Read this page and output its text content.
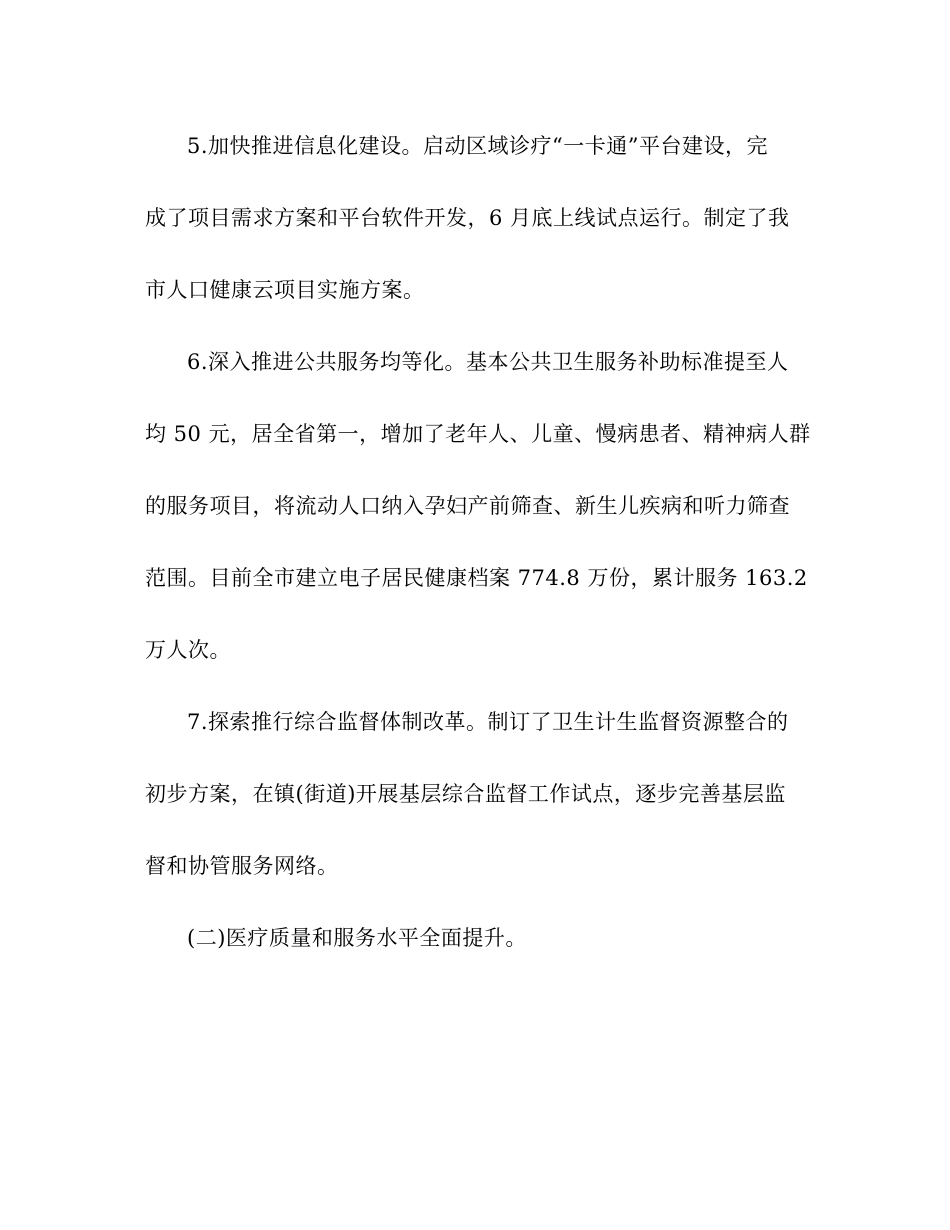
5.加快推进信息化建设。启动区域诊疗“一卡通”平台建设，完
成了项目需求方案和平台软件开发，6 月底上线试点运行。制定了我
市人口健康云项目实施方案。

6.深入推进公共服务均等化。基本公共卫生服务补助标准提至人
均 50 元，居全省第一，增加了老年人、儿童、慢病患者、精神病人群
的服务项目，将流动人口纳入孕妇产前筛查、新生儿疾病和听力筛查
范围。目前全市建立电子居民健康档案 774.8 万份，累计服务 163.2
万人次。

7.探索推行综合监督体制改革。制订了卫生计生监督资源整合的
初步方案，在镇(街道)开展基层综合监督工作试点，逐步完善基层监
督和协管服务网络。

(二)医疗质量和服务水平全面提升。
